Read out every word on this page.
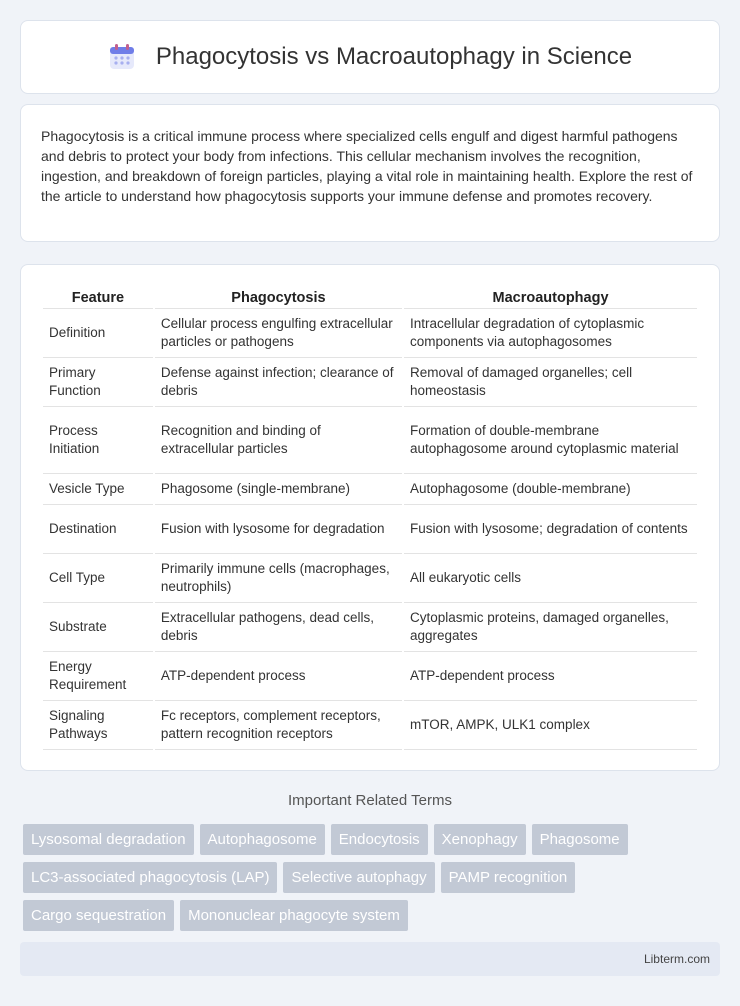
Phagocytosis vs Macroautophagy in Science

Phagocytosis is a critical immune process where specialized cells engulf and digest harmful pathogens and debris to protect your body from infections. This cellular mechanism involves the recognition, ingestion, and breakdown of foreign particles, playing a vital role in maintaining health. Explore the rest of the article to understand how phagocytosis supports your immune defense and promotes recovery.

Feature	Phagocytosis	Macroautophagy
Definition	Cellular process engulfing extracellular particles or pathogens	Intracellular degradation of cytoplasmic components via autophagosomes
Primary Function	Defense against infection; clearance of debris	Removal of damaged organelles; cell homeostasis
Process Initiation	Recognition and binding of extracellular particles	Formation of double-membrane autophagosome around cytoplasmic material
Vesicle Type	Phagosome (single-membrane)	Autophagosome (double-membrane)
Destination	Fusion with lysosome for degradation	Fusion with lysosome; degradation of contents
Cell Type	Primarily immune cells (macrophages, neutrophils)	All eukaryotic cells
Substrate	Extracellular pathogens, dead cells, debris	Cytoplasmic proteins, damaged organelles, aggregates
Energy Requirement	ATP-dependent process	ATP-dependent process
Signaling Pathways	Fc receptors, complement receptors, pattern recognition receptors	mTOR, AMPK, ULK1 complex
Important Related Terms
Lysosomal degradation	Autophagosome	Endocytosis	Xenophagy	Phagosome
LC3-associated phagocytosis (LAP)	Selective autophagy	PAMP recognition
Cargo sequestration	Mononuclear phagocyte system
Libterm.com
